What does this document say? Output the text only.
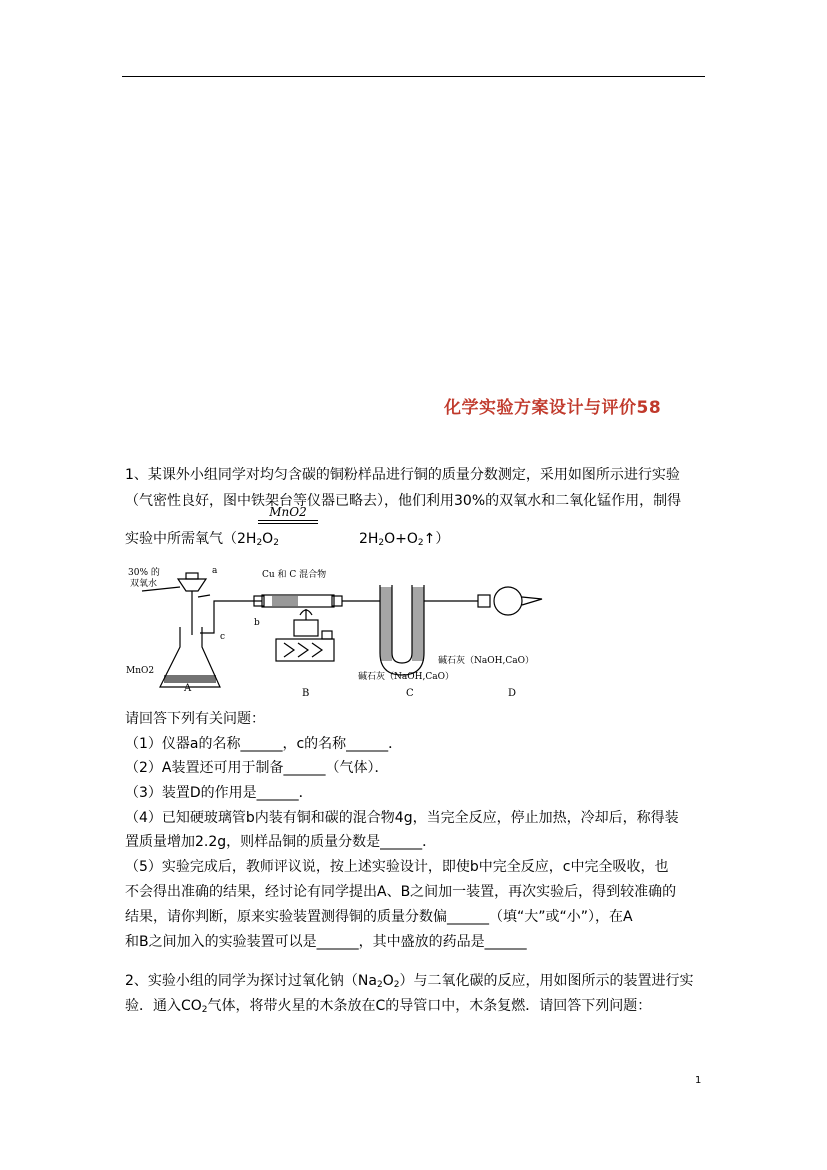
化学实验方案设计与评价58
1、某课外小组同学对均匀含碳的铜粉样品进行铜的质量分数测定，采用如图所示进行实验
（气密性良好，图中铁架台等仪器已略去），他们利用30%的双氧水和二氧化锰作用，制得
MnO2
实验中所需氧气（$2H_2O_2$	$2H_2O+O_2↑$）
30% 的
双氧水
a
b
c
Cu 和 C 混合物
MnO2
碱石灰（NaOH,CaO）
碱石灰（NaOH,CaO）
A	B	C	D
请回答下列有关问题：
（1）仪器a的名称______，c的名称______．
（2）A装置还可用于制备______（气体）．
（3）装置D的作用是______．
（4）已知硬玻璃管b内装有铜和碳的混合物4g，当完全反应，停止加热，冷却后，称得装
置质量增加2.2g，则样品铜的质量分数是______．
（5）实验完成后，教师评议说，按上述实验设计，即使b中完全反应，c中完全吸收，也
不会得出准确的结果，经讨论有同学提出A、B之间加一装置，再次实验后，得到较准确的
结果，请你判断，原来实验装置测得铜的质量分数偏______（填“大”或“小”），在A
和B之间加入的实验装置可以是______，其中盛放的药品是______
2、实验小组的同学为探讨过氧化钠$(Na_2O_2)$与二氧化碳的反应，用如图所示的装置进行实
验．通入$CO_2$气体，将带火星的木条放在C的导管口中，木条复燃．请回答下列问题：
1
